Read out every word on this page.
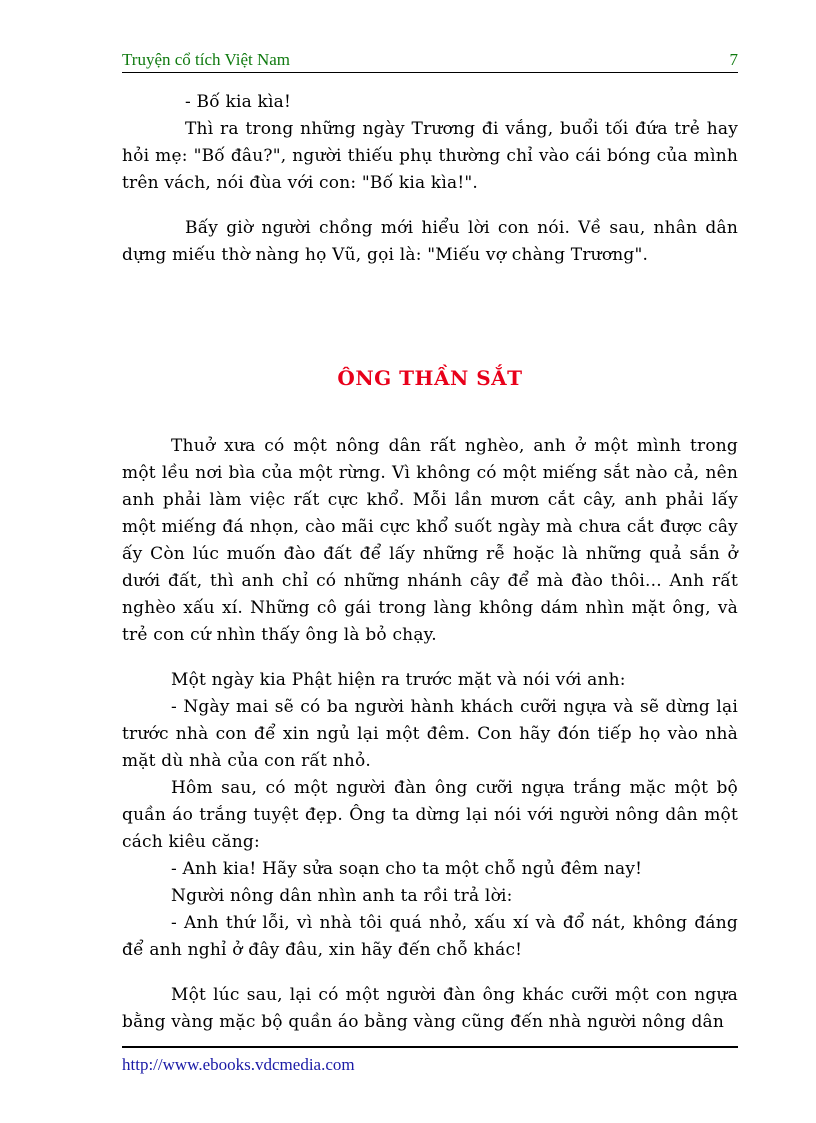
Truyện cổ tích Việt Nam	7

- Bố kia kìa!

Thì ra trong những ngày Trương đi vắng, buổi tối đứa trẻ hay hỏi mẹ: "Bố đâu?", người thiếu phụ thường chỉ vào cái bóng của mình trên vách, nói đùa với con: "Bố kia kìa!".

Bấy giờ người chồng mới hiểu lời con nói. Về sau, nhân dân dựng miếu thờ nàng họ Vũ, gọi là: "Miếu vợ chàng Trương".

ÔNG THẦN SẮT

Thuở xưa có một nông dân rất nghèo, anh ở một mình trong một lều nơi bìa của một rừng. Vì không có một miếng sắt nào cả, nên anh phải làm việc rất cực khổ. Mỗi lần mươn cắt cây, anh phải lấy một miếng đá nhọn, cào mãi cực khổ suốt ngày mà chưa cắt được cây ấy Còn lúc muốn đào đất để lấy những rễ hoặc là những quả sắn ở dưới đất, thì anh chỉ có những nhánh cây để mà đào thôi... Anh rất nghèo xấu xí. Những cô gái trong làng không dám nhìn mặt ông, và trẻ con cứ nhìn thấy ông là bỏ chạy.

Một ngày kia Phật hiện ra trước mặt và nói với anh:

- Ngày mai sẽ có ba người hành khách cưỡi ngựa và sẽ dừng lại trước nhà con để xin ngủ lại một đêm. Con hãy đón tiếp họ vào nhà mặt dù nhà của con rất nhỏ.

Hôm sau, có một người đàn ông cưỡi ngựa trắng mặc một bộ quần áo trắng tuyệt đẹp. Ông ta dừng lại nói với người nông dân một cách kiêu căng:

- Anh kia! Hãy sửa soạn cho ta một chỗ ngủ đêm nay!

Người nông dân nhìn anh ta rồi trả lời:

- Anh thứ lỗi, vì nhà tôi quá nhỏ, xấu xí và đổ nát, không đáng để anh nghỉ ở đây đâu, xin hãy đến chỗ khác!

Một lúc sau, lại có một người đàn ông khác cưỡi một con ngựa bằng vàng mặc bộ quần áo bằng vàng cũng đến nhà người nông dân

http://www.ebooks.vdcmedia.com
